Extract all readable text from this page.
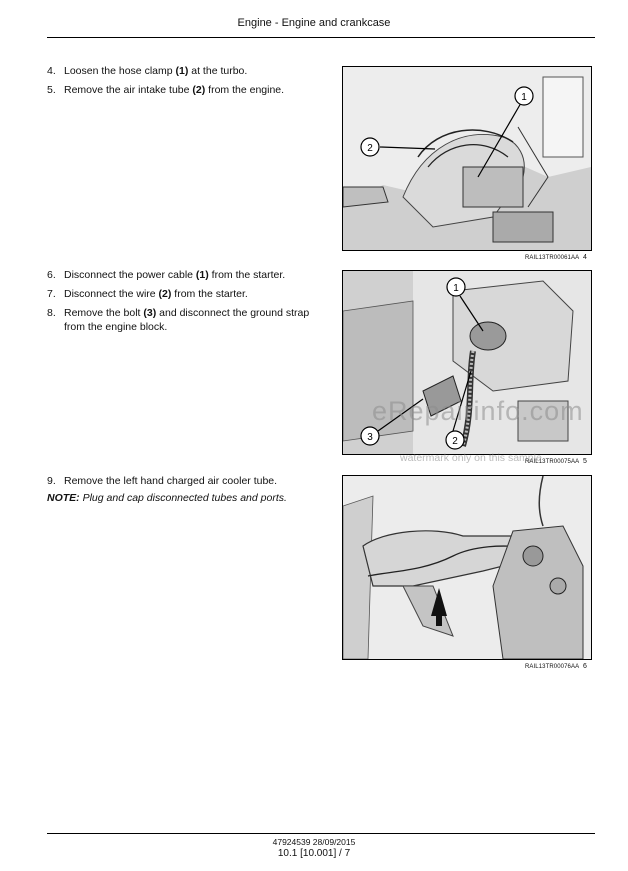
Engine - Engine and crankcase
4. Loosen the hose clamp (1) at the turbo.
5. Remove the air intake tube (2) from the engine.
1
2
RAIL13TR00061AA 4
6. Disconnect the power cable (1) from the starter.
7. Disconnect the wire (2) from the starter.
8. Remove the bolt (3) and disconnect the ground strap
from the engine block.
1
2
3
RAIL13TR00075AA 5
eRepairinfo.com
watermark only on this sample
9. Remove the left hand charged air cooler tube.
NOTE: Plug and cap disconnected tubes and ports.
RAIL13TR00076AA 6
47924539 28/09/2015
10.1 [10.001] / 7
